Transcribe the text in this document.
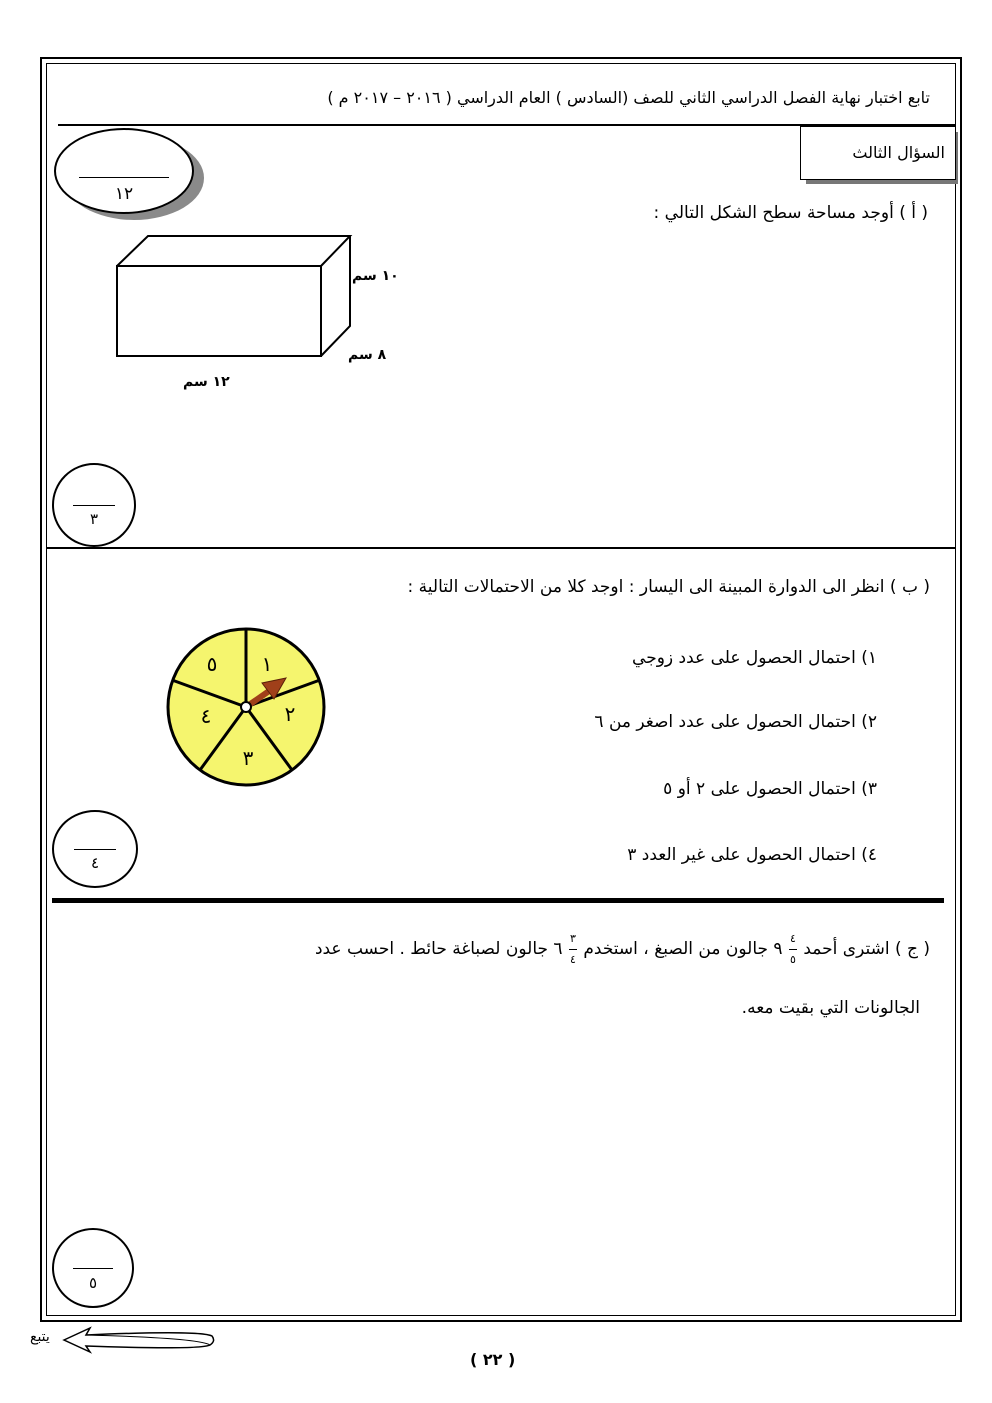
تابع اختبار نهاية الفصل الدراسي الثاني للصف (السادس ) العام الدراسي ( ٢٠١٦ – ٢٠١٧ م )
السؤال الثالث
١٢
( أ ) أوجد مساحة سطح الشكل التالي :
١٠ سم
٨ سم
١٢ سم
٣
( ب ) انظر الى الدوارة المبينة الى اليسار : اوجد كلا من الاحتمالات التالية :
١) احتمال الحصول على عدد زوجي
٢) احتمال الحصول على عدد اصغر من ٦
٣) احتمال الحصول على ٢ أو ٥
٤) احتمال الحصول على غير العدد ٣
١
٢
٣
٤
٥
٤
( ج ) اشترى أحمد ٩ $\frac{٤}{٥}$
جالون من الصبغ ، استخدم ٦ $\frac{٣}{٤}$
جالون لصباغة حائط . احسب عدد
الجالونات التي بقيت معه.
٥
يتبع
( ٢٢ )
